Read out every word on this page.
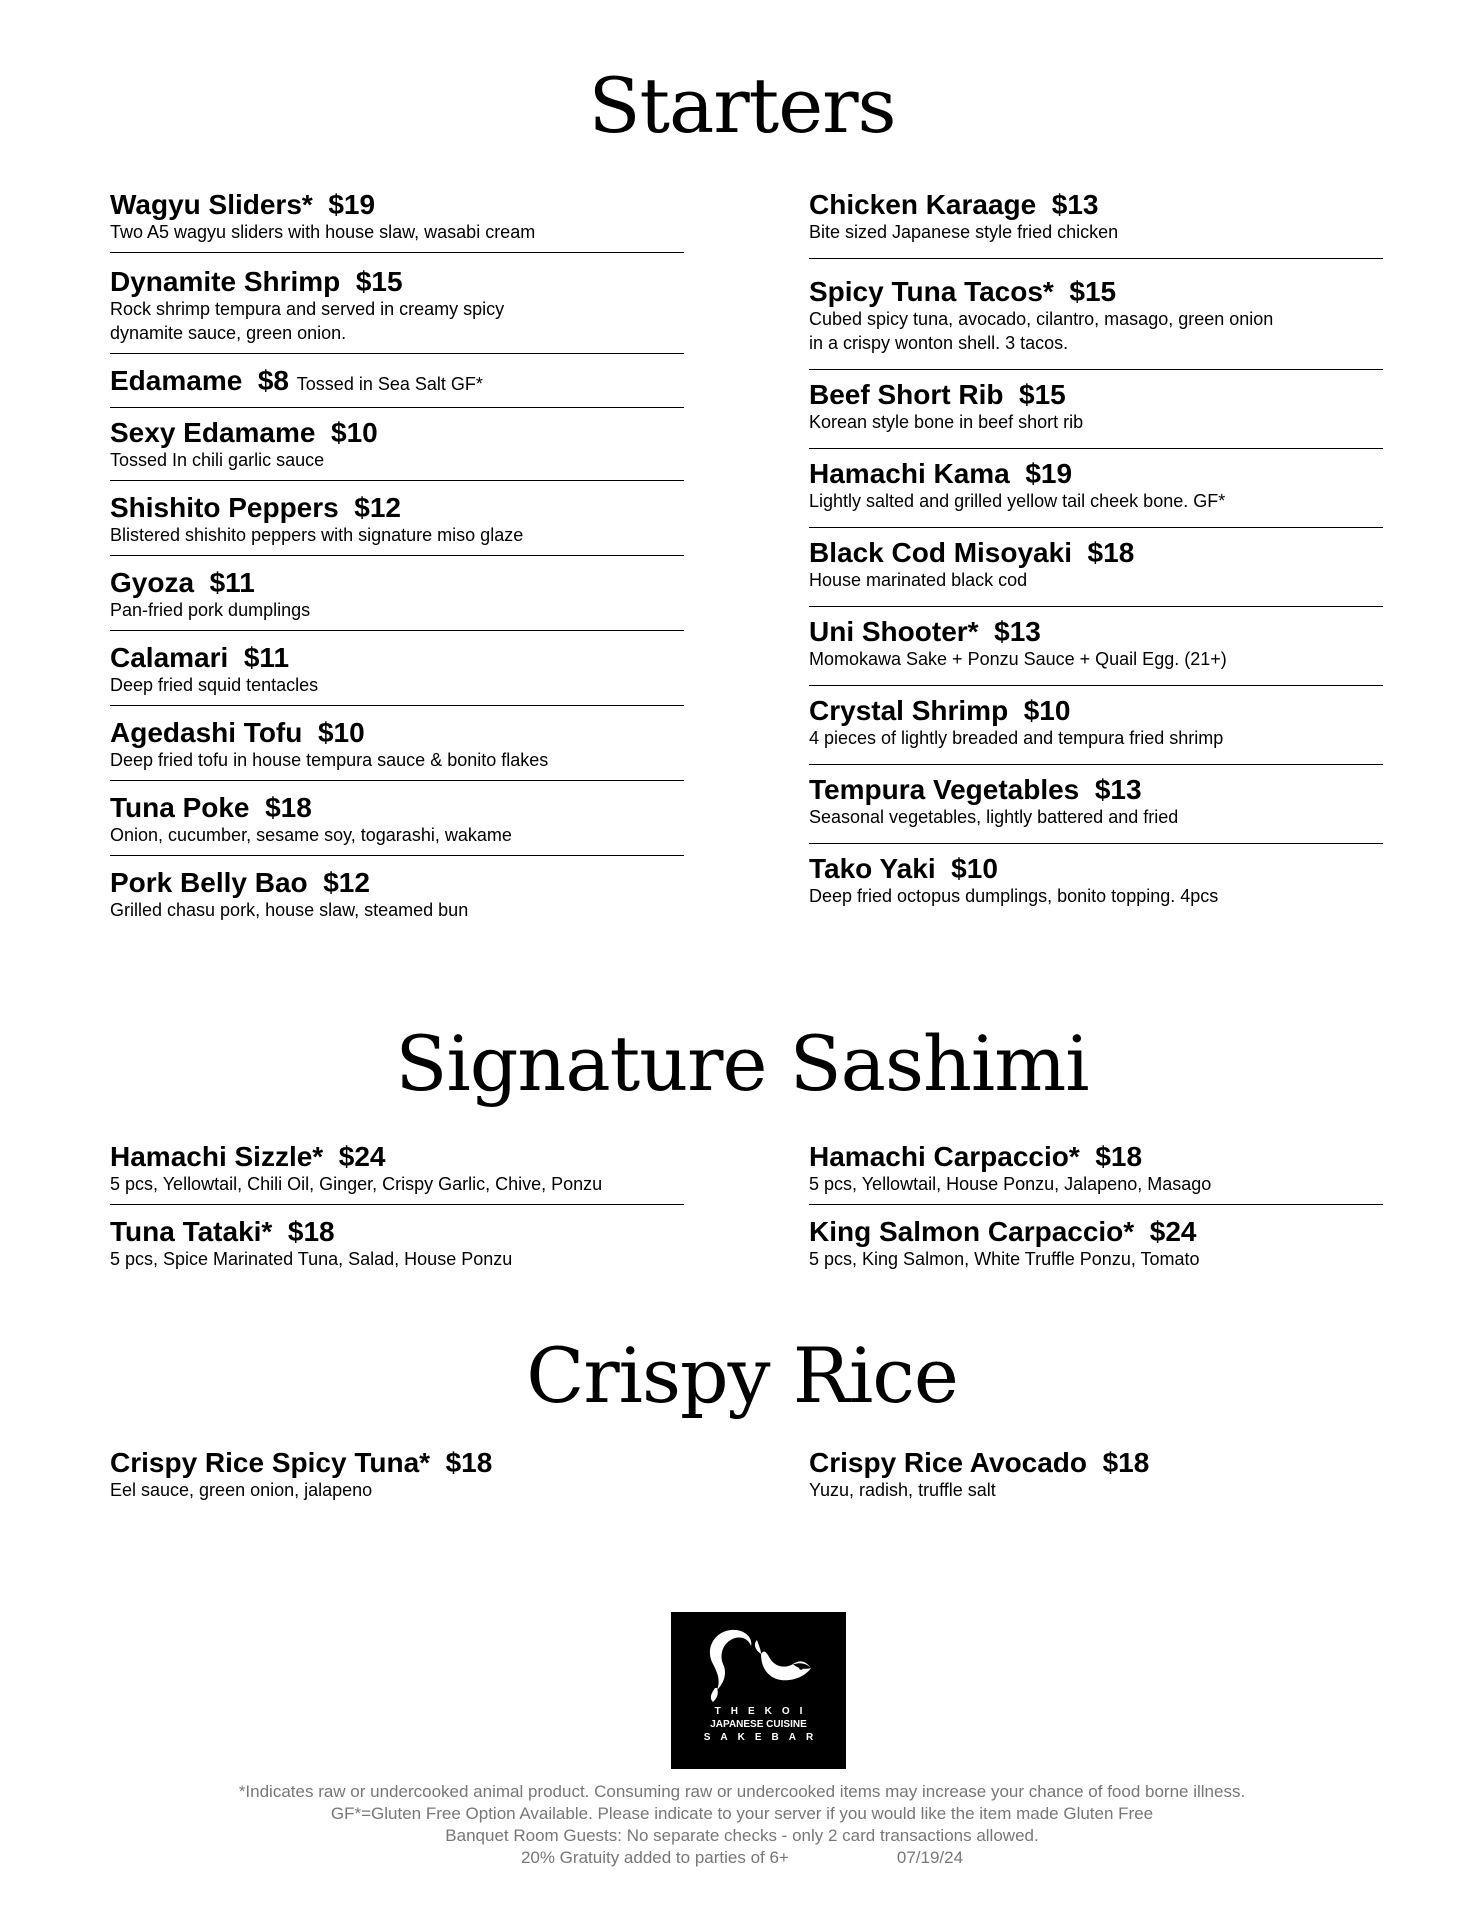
Starters
Wagyu Sliders* $19
Two A5 wagyu sliders with house slaw, wasabi cream
Dynamite Shrimp $15
Rock shrimp tempura and served in creamy spicy
dynamite sauce, green onion.
Edamame $8 Tossed in Sea Salt GF*
Sexy Edamame $10
Tossed In chili garlic sauce
Shishito Peppers $12
Blistered shishito peppers with signature miso glaze
Gyoza $11
Pan-fried pork dumplings
Calamari $11
Deep fried squid tentacles
Agedashi Tofu $10
Deep fried tofu in house tempura sauce & bonito flakes
Tuna Poke $18
Onion, cucumber, sesame soy, togarashi, wakame
Pork Belly Bao $12
Grilled chasu pork, house slaw, steamed bun
Chicken Karaage $13
Bite sized Japanese style fried chicken
Spicy Tuna Tacos* $15
Cubed spicy tuna, avocado, cilantro, masago, green onion
in a crispy wonton shell. 3 tacos.
Beef Short Rib $15
Korean style bone in beef short rib
Hamachi Kama $19
Lightly salted and grilled yellow tail cheek bone. GF*
Black Cod Misoyaki $18
House marinated black cod
Uni Shooter* $13
Momokawa Sake + Ponzu Sauce + Quail Egg. (21+)
Crystal Shrimp $10
4 pieces of lightly breaded and tempura fried shrimp
Tempura Vegetables $13
Seasonal vegetables, lightly battered and fried
Tako Yaki $10
Deep fried octopus dumplings, bonito topping. 4pcs
Signature Sashimi
Hamachi Sizzle* $24
5 pcs, Yellowtail, Chili Oil, Ginger, Crispy Garlic, Chive, Ponzu
Tuna Tataki* $18
5 pcs, Spice Marinated Tuna, Salad, House Ponzu
Hamachi Carpaccio* $18
5 pcs, Yellowtail, House Ponzu, Jalapeno, Masago
King Salmon Carpaccio* $24
5 pcs, King Salmon, White Truffle Ponzu, Tomato
Crispy Rice
Crispy Rice Spicy Tuna* $18
Eel sauce, green onion, jalapeno
Crispy Rice Avocado $18
Yuzu, radish, truffle salt
THEKOI
JAPANESE CUISINE
SAKEBAR
*Indicates raw or undercooked animal product. Consuming raw or undercooked items may increase your chance of food borne illness.
GF*=Gluten Free Option Available. Please indicate to your server if you would like the item made Gluten Free
Banquet Room Guests: No separate checks - only 2 card transactions allowed.
20% Gratuity added to parties of 6+	07/19/24
